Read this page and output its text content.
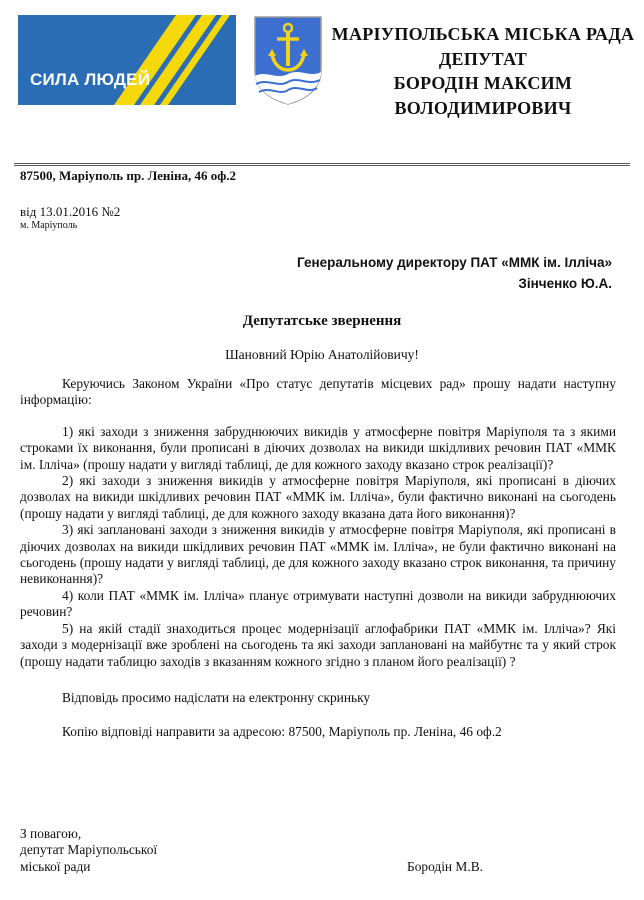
СИЛА ЛЮДЕЙ
МАРІУПОЛЬСЬКА МІСЬКА РАДА
ДЕПУТАТ
БОРОДІН МАКСИМ
ВОЛОДИМИРОВИЧ
87500, Маріуполь пр. Леніна, 46 оф.2
від 13.01.2016 №2
м. Маріуполь
Генеральному директору ПАТ «ММК ім. Ілліча»
Зінченко Ю.А.
Депутатське звернення
Шановний Юрію Анатолійовичу!

Керуючись Законом України «Про статус депутатів місцевих рад» прошу надати наступну інформацію:

1) які заходи з зниження забруднюючих викидів у атмосферне повітря Маріуполя та з якими строками їх виконання, були прописані в діючих дозволах на викиди шкідливих речовин ПАТ «ММК ім. Ілліча» (прошу надати у вигляді таблиці, де для кожного заходу вказано строк реалізації)?

2) які заходи з зниження викидів у атмосферне повітря Маріуполя, які прописані в діючих дозволах на викиди шкідливих речовин ПАТ «ММК ім. Ілліча», були фактично виконані на сьогодень (прошу надати у вигляді таблиці, де для кожного заходу вказана дата його виконання)?

3) які заплановані заходи з зниження викидів у атмосферне повітря Маріуполя, які прописані в діючих дозволах на викиди шкідливих речовин ПАТ «ММК ім. Ілліча», не були фактично виконані на сьогодень (прошу надати у вигляді таблиці, де для кожного заходу вказано строк виконання, та причину невиконання)?

4) коли ПАТ «ММК ім. Ілліча» планує отримувати наступні дозволи на викиди забруднюючих речовин?

5) на якій стадії знаходиться процес модернізації аглофабрики ПАТ «ММК ім. Ілліча»? Які заходи з модернізації вже зроблені на сьогодень та які заходи заплановані на майбутнє та у який строк (прошу надати таблицю заходів з вказанням кожного згідно з планом його реалізації) ?

Відповідь просимо надіслати на електронну скриньку

Копію відповіді направити за адресою: 87500, Маріуполь пр. Леніна, 46 оф.2

З повагою,
депутат Маріупольської
міської ради	Бородін М.В.
